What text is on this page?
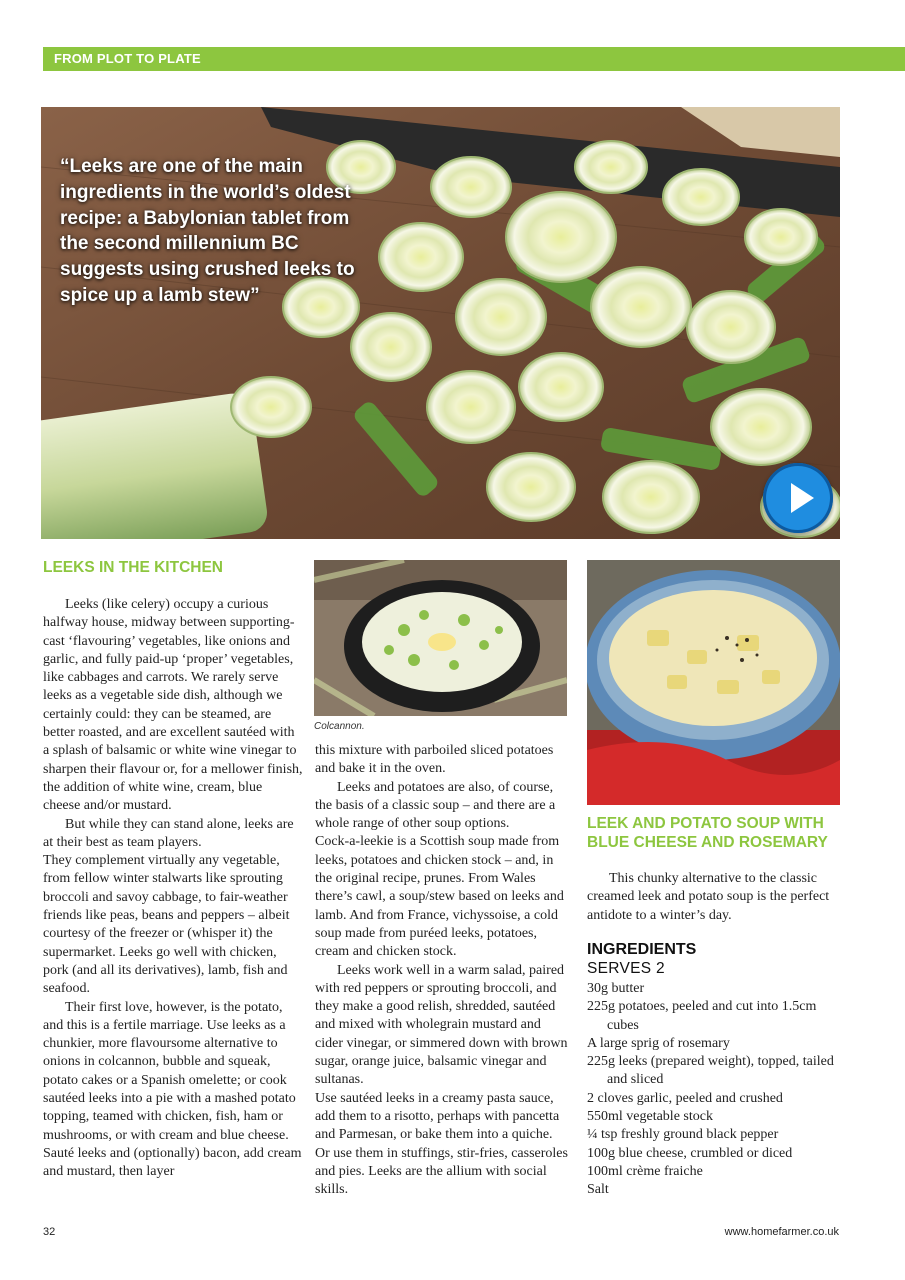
FROM PLOT TO PLATE

“Leeks are one of the main ingredients in the world’s oldest recipe: a Babylonian tablet from the second millennium BC suggests using crushed leeks to spice up a lamb stew”

LEEKS IN THE KITCHEN

Leeks (like celery) occupy a curious halfway house, midway between supporting-cast ‘flavouring’ vegetables, like onions and garlic, and fully paid-up ‘proper’ vegetables, like cabbages and carrots. We rarely serve leeks as a vegetable side dish, although we certainly could: they can be steamed, are better roasted, and are excellent sautéed with a splash of balsamic or white wine vinegar to sharpen their flavour or, for a mellower finish, the addition of white wine, cream, blue cheese and/or mustard.

But while they can stand alone, leeks are at their best as team players.

They complement virtually any vegetable, from fellow winter stalwarts like sprouting broccoli and savoy cabbage, to fair-weather friends like peas, beans and peppers – albeit courtesy of the freezer or (whisper it) the supermarket. Leeks go well with chicken, pork (and all its derivatives), lamb, fish and seafood.

Their first love, however, is the potato, and this is a fertile marriage. Use leeks as a chunkier, more flavoursome alternative to onions in colcannon, bubble and squeak, potato cakes or a Spanish omelette; or cook sautéed leeks into a pie with a mashed potato topping, teamed with chicken, fish, ham or mushrooms, or with cream and blue cheese. Sauté leeks and (optionally) bacon, add cream and mustard, then layer

Colcannon.

this mixture with parboiled sliced potatoes and bake it in the oven.

Leeks and potatoes are also, of course, the basis of a classic soup – and there are a whole range of other soup options.

Cock-a-leekie is a Scottish soup made from leeks, potatoes and chicken stock – and, in the original recipe, prunes. From Wales there’s cawl, a soup/stew based on leeks and lamb. And from France, vichyssoise, a cold soup made from puréed leeks, potatoes, cream and chicken stock.

Leeks work well in a warm salad, paired with red peppers or sprouting broccoli, and they make a good relish, shredded, sautéed and mixed with wholegrain mustard and cider vinegar, or simmered down with brown sugar, orange juice, balsamic vinegar and sultanas.

Use sautéed leeks in a creamy pasta sauce, add them to a risotto, perhaps with pancetta and Parmesan, or bake them into a quiche. Or use them in stuffings, stir-fries, casseroles and pies. Leeks are the allium with social skills.

LEEK AND POTATO SOUP WITH BLUE CHEESE AND ROSEMARY

This chunky alternative to the classic creamed leek and potato soup is the perfect antidote to a winter’s day.

INGREDIENTS
SERVES 2
30g butter
225g potatoes, peeled and cut into 1.5cm cubes
A large sprig of rosemary
225g leeks (prepared weight), topped, tailed and sliced
2 cloves garlic, peeled and crushed
550ml vegetable stock
¼ tsp freshly ground black pepper
100g blue cheese, crumbled or diced
100ml crème fraiche
Salt
32	www.homefarmer.co.uk
